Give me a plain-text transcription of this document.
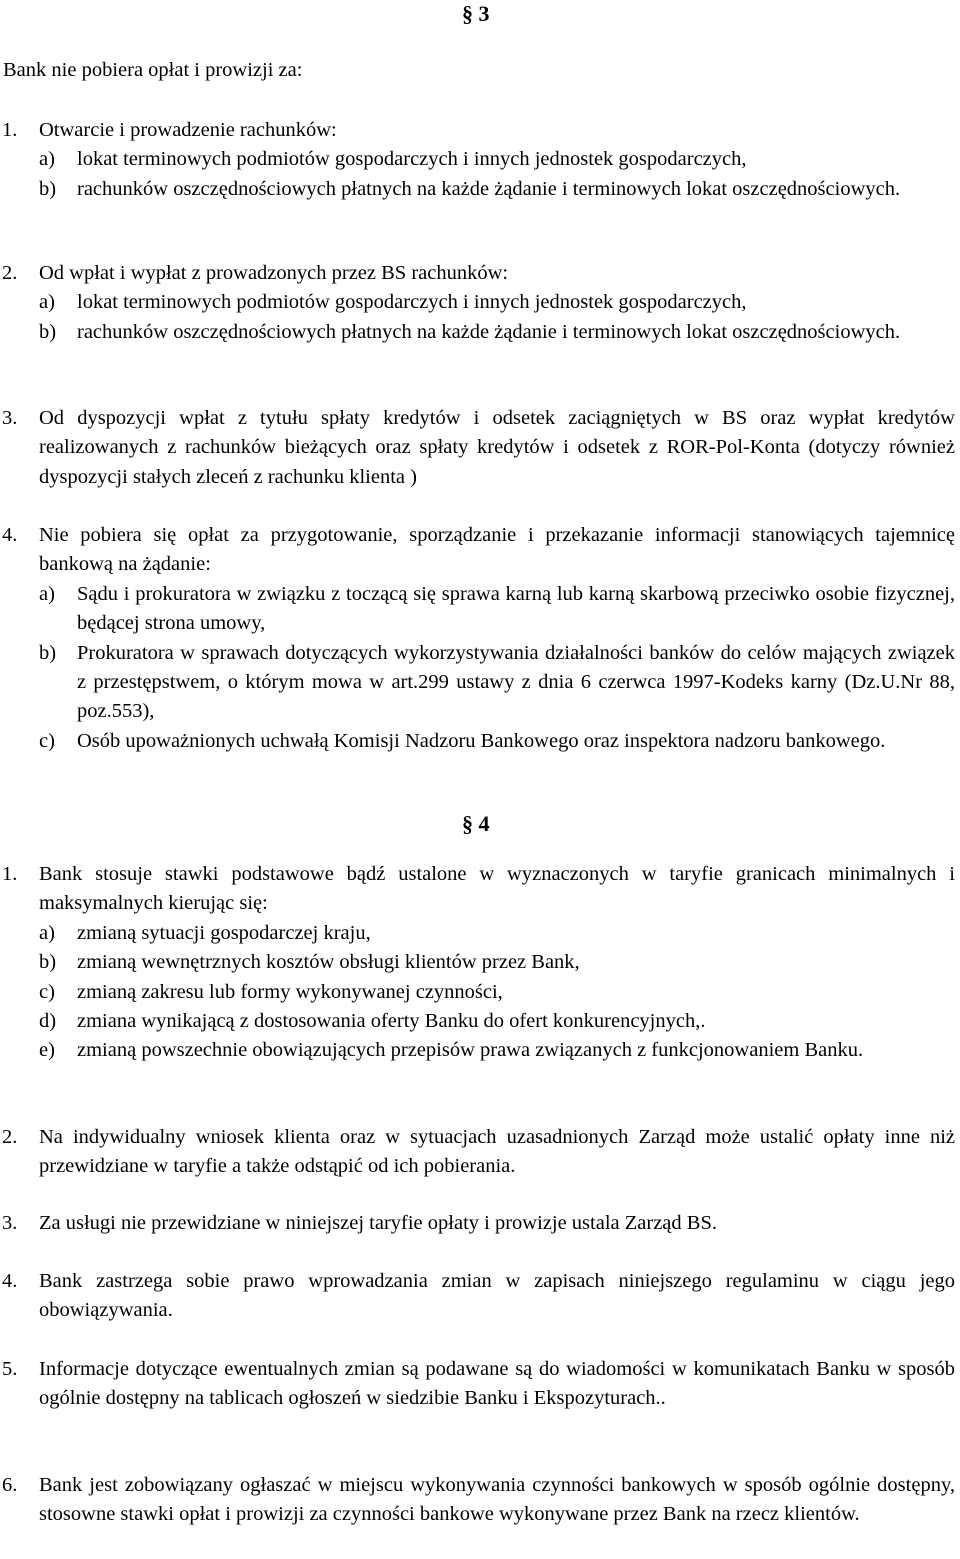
§ 3
Bank nie pobiera opłat i prowizji za:
1.	Otwarcie i prowadzenie rachunków:
a)	lokat terminowych podmiotów gospodarczych i innych jednostek gospodarczych,
b)	rachunków oszczędnościowych płatnych na każde żądanie i terminowych lokat oszczędnościowych.
2.	Od wpłat i wypłat z prowadzonych przez BS rachunków:
a)	lokat terminowych podmiotów gospodarczych i innych jednostek gospodarczych,
b)	rachunków oszczędnościowych płatnych na każde żądanie i terminowych lokat oszczędnościowych.
3.	Od dyspozycji wpłat z tytułu spłaty kredytów i odsetek zaciągniętych w BS oraz wypłat kredytów realizowanych z rachunków bieżących oraz spłaty kredytów i odsetek z ROR-Pol-Konta (dotyczy również dyspozycji stałych zleceń z rachunku klienta )
4.	Nie pobiera się opłat za przygotowanie, sporządzanie i przekazanie informacji stanowiących tajemnicę bankową na żądanie:
a)	Sądu i prokuratora w związku z toczącą się sprawa karną lub karną skarbową przeciwko osobie fizycznej, będącej strona umowy,
b)	Prokuratora w sprawach dotyczących wykorzystywania działalności banków do celów mających związek z przestępstwem, o którym mowa w art.299 ustawy z dnia 6 czerwca 1997-Kodeks karny (Dz.U.Nr 88, poz.553),
c)	Osób upoważnionych uchwałą Komisji Nadzoru Bankowego oraz inspektora nadzoru bankowego.
§ 4
1.	Bank stosuje stawki podstawowe bądź ustalone w wyznaczonych w taryfie granicach minimalnych i maksymalnych kierując się:
a)	zmianą sytuacji gospodarczej kraju,
b)	zmianą wewnętrznych kosztów obsługi klientów przez Bank,
c)	zmianą zakresu lub formy wykonywanej czynności,
d)	zmiana wynikającą z dostosowania oferty Banku do ofert konkurencyjnych,.
e)	zmianą powszechnie obowiązujących przepisów prawa związanych z funkcjonowaniem Banku.
2.	Na indywidualny wniosek klienta oraz w sytuacjach uzasadnionych Zarząd może ustalić opłaty inne niż przewidziane w taryfie a także odstąpić od ich pobierania.
3.	Za usługi nie przewidziane w niniejszej taryfie opłaty i prowizje ustala Zarząd BS.
4.	Bank zastrzega sobie prawo wprowadzania zmian w zapisach niniejszego regulaminu w ciągu jego obowiązywania.
5.	Informacje dotyczące ewentualnych zmian są podawane są do wiadomości w komunikatach Banku w sposób ogólnie dostępny na tablicach ogłoszeń w siedzibie Banku i Ekspozyturach..
6.	Bank jest zobowiązany ogłaszać w miejscu wykonywania czynności bankowych w sposób ogólnie dostępny, stosowne stawki opłat i prowizji za czynności bankowe wykonywane przez Bank na rzecz klientów.
